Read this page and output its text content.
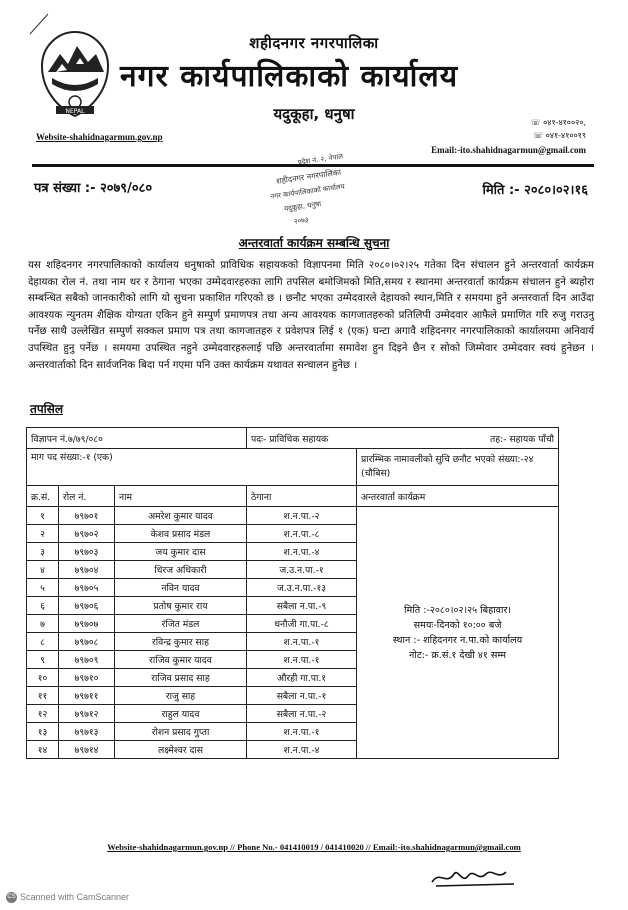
NEPAL
शहीदनगर नगरपालिका
नगर कार्यपालिकाको कार्यालय
यदुकूहा, धनुषा
Website-shahidnagarmun.gov.np
☏ ०४१-४१००२०,
☏ ०४१-४१००१९
Email:-ito.shahidnagarmun@gmail.com
पत्र संख्या :- २०७९/०८०	मिति :- २०८०।०२।१६
प्रदेश नं. २, नेपाल
शहीदनगर नगरपालिका
नगर कार्यपालिकाको कार्यालय
यदुकूहा, धनुषा
२०७३
अन्तरवार्ता कार्यक्रम सम्बन्धि सुचना
यस शहिदनगर नगरपालिकाको कार्यालय धनुषाको प्राविधिक सहायकको विज्ञापनमा मिति २०८०।०२।२५ गतेका दिन संचालन हुने अन्तरवार्ता कार्यक्रम देहायका रोल नं. तथा नाम थर र ठेगाना भएका उम्मेदवारहरुका लागि तपसिल बमोजिमको मिति,समय र स्थानमा अन्तरवार्ता कार्यक्रम संचालन हुने ब्यहोरा सम्बन्धित सबैको जानकारीको लागि यो सुचना प्रकाशित गरिएको छ । छनौट भएका उम्मेदवारले देहायको स्थान,मिति र समयमा हुने अन्तरवार्ता दिन आउँदा आवश्यक न्युनतम शैक्षिक योग्यता एकिन हुने सम्पुर्ण प्रमाणपत्र तथा अन्य आवश्यक कागजातहरुको प्रतिलिपी उम्मेदवार आफैले प्रमाणित गरि रुजु गराउनु पर्नेछ साथै उल्लेखित सम्पुर्ण सक्कल प्रमाण पत्र तथा कागजातहरु र प्रवेशपत्र लिई १ (एक) घन्टा अगावै शहिदनगर नगरपालिकाको कार्यालयमा अनिवार्य उपस्थित हुनु पर्नेछ । समयमा उपस्थित नहुने उम्मेदवारहरुलाई पछि अन्तरवार्तामा समावेश हुन दिइने छैन र सोको जिम्मेवार उम्मेदवार स्वयं हुनेछन । अन्तरवार्ताको दिन सार्वजनिक बिदा पर्न गएमा पनि उक्त कार्यक्रम यथावत सन्चालन हुनेछ ।
तपसिल
विज्ञापन नं.७/७९/०८०			पदः- प्राविधिक सहायक तह:- सहायक पाँचौ	

माग पद संख्या:-१ (एक)				प्रारम्भिक नामावलीको सुचि छनौट भएको संख्या:-२४ (चौबिस)
क्र.सं.	रोल नं.	नाम	ठेगाना	अन्तरवार्ता कार्यक्रम
१	७९७०१	अमरेश कुमार यादव	श.न.पा.-२	मिति :-२०८०।०२।२५ बिहावार।
समयः-दिनको १०:०० बजे
स्थान :- शहिदनगर न.पा.को कार्यालय
नोट:- क्र.सं.१ देखी ४१ सम्म

२	७९७०२	केशव प्रसाद मंडल	श.न.पा.-८	
३	७९७०३	जय कुमार दास	श.न.पा.-४	
४	७९७०४	धिरज अधिकारी	ज.उ.न.पा.-१	
५	७९७०५	नविन यादव	ज.उ.न.पा.-१३	
६	७९७०६	प्रतोष कुमार राय	सबैला न.पा.-९	
७	७९७०७	रंजित मंडल	धनौजी गा.पा.-८	
८	७९७०८	रविन्द्र कुमार साह	श.न.पा.-१	
९	७९७०९	राजिव कुमार यादव	श.न.पा.-१	
१०	७९७१०	राजिव प्रसाद साह	औरही गा.पा.१	
११	७९७११	राजु साह	सबैला न.पा.-१	
१२	७९७१२	राहुल यादव	सबैला न.पा.-२	
१३	७९७१३	रोशन प्रसाद गुप्ता	श.न.पा.-१	
१४	७९७१४	लक्ष्मेश्वर दास	श.न.पा.-४	
Website-shahidnagarmun.gov.np // Phone No.- 041410019 / 041410020 // Email:-ito.shahidnagarmun@gmail.com
CS Scanned with CamScanner
